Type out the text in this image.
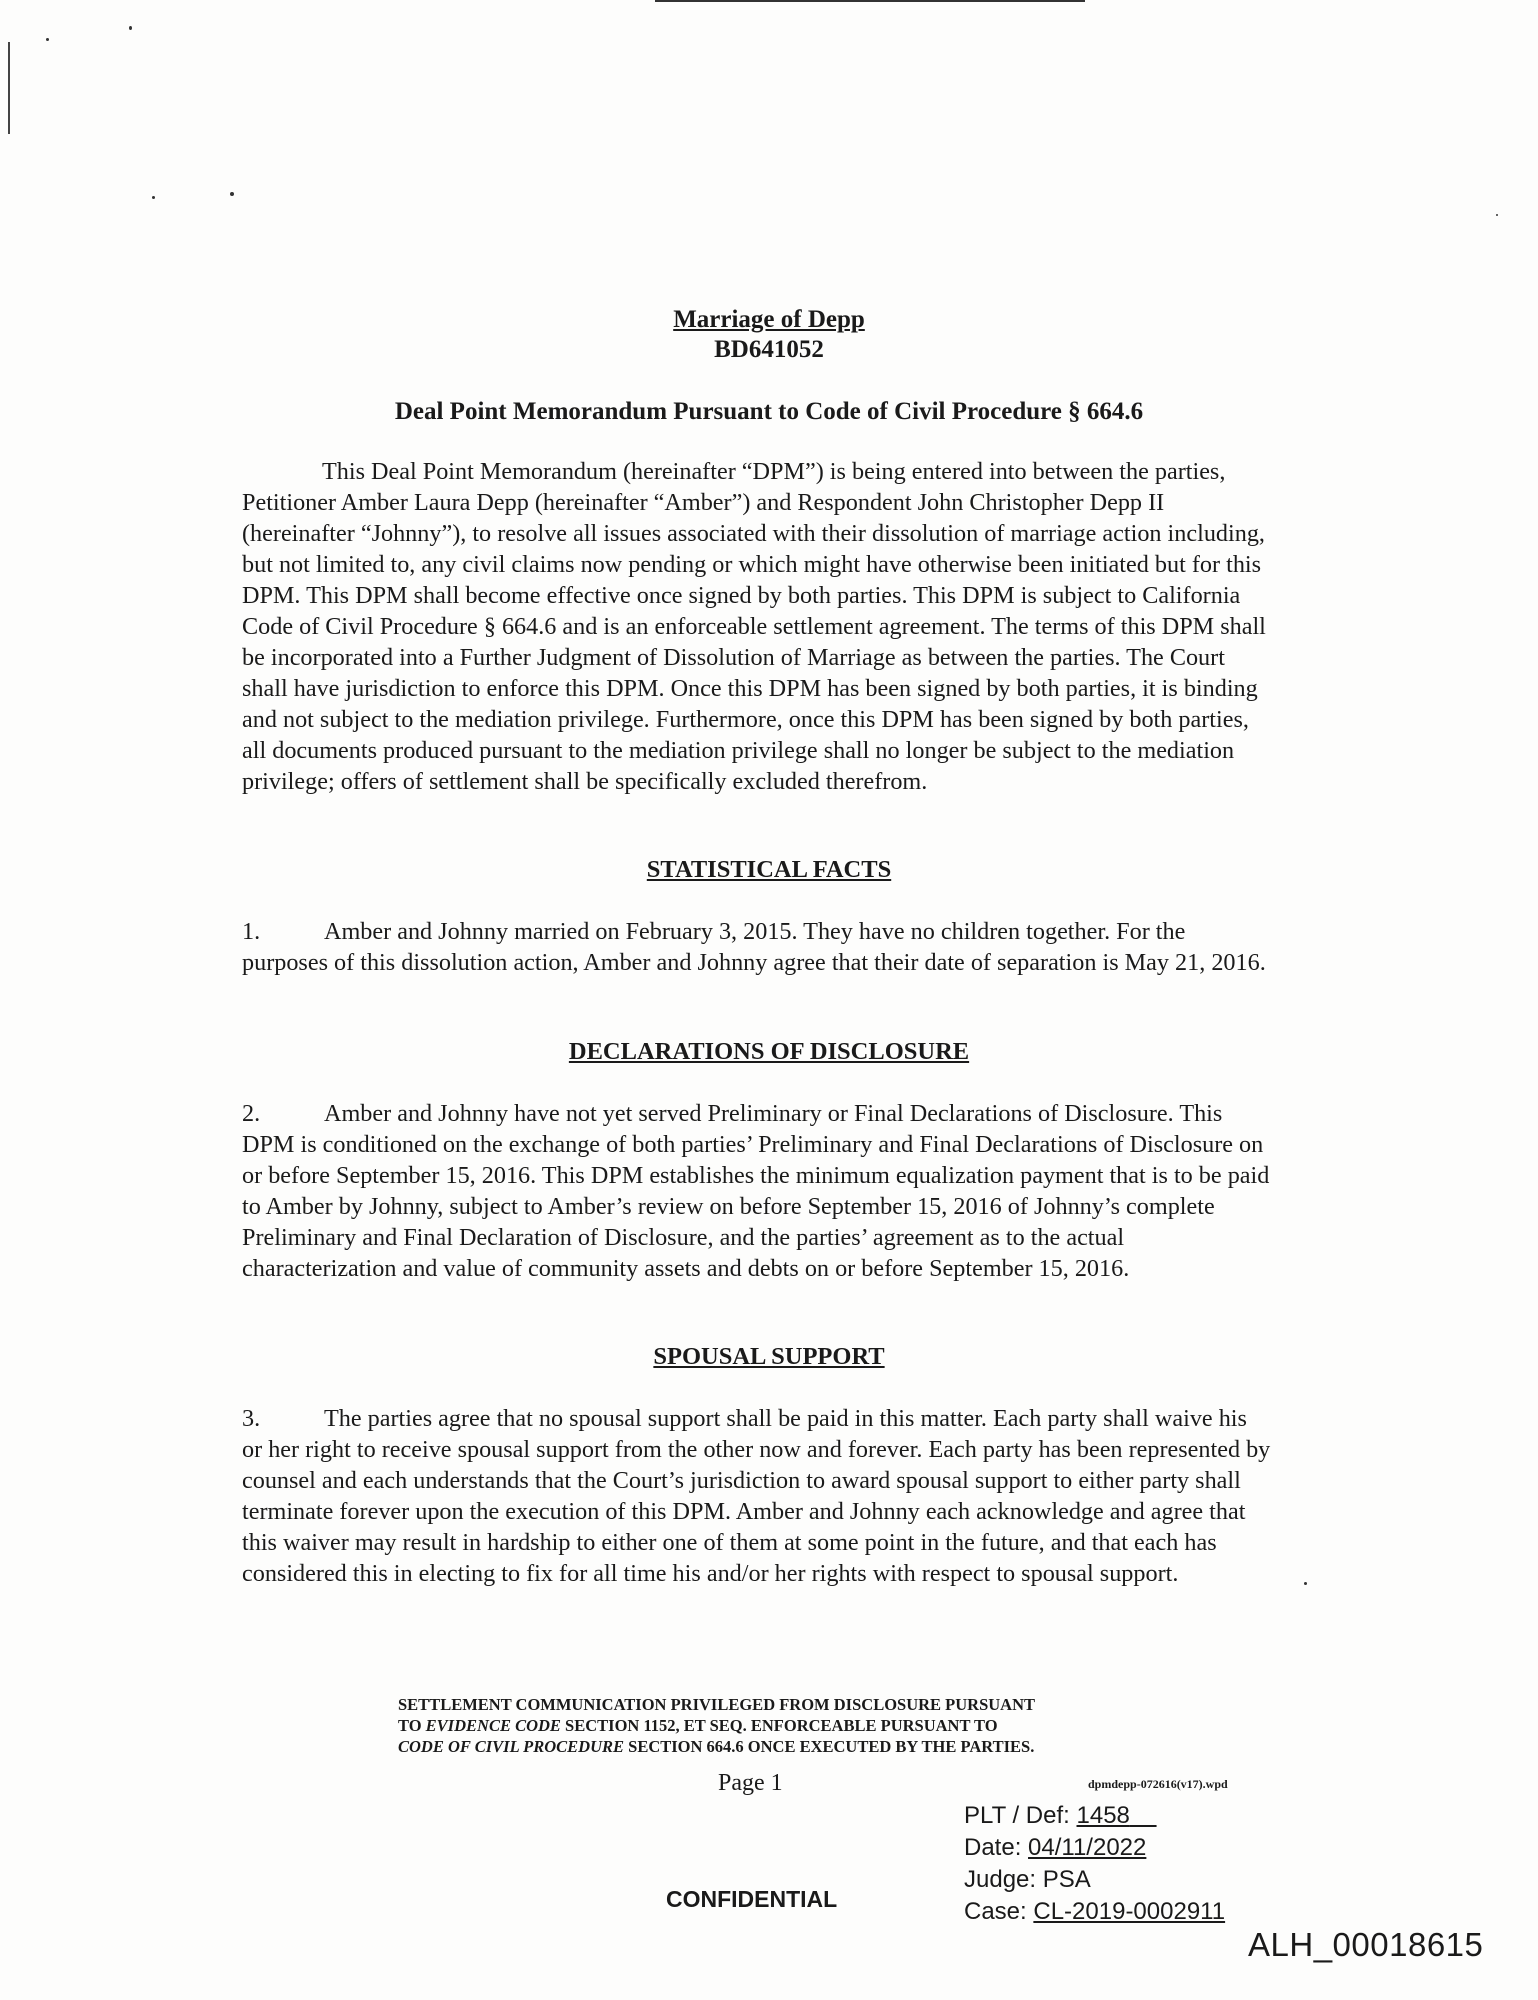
Marriage of Depp
BD641052
Deal Point Memorandum Pursuant to Code of Civil Procedure § 664.6

This Deal Point Memorandum (hereinafter “DPM”) is being entered into between the parties, Petitioner Amber Laura Depp (hereinafter “Amber”) and Respondent John Christopher Depp II (hereinafter “Johnny”), to resolve all issues associated with their dissolution of marriage action including, but not limited to, any civil claims now pending or which might have otherwise been initiated but for this DPM. This DPM shall become effective once signed by both parties. This DPM is subject to California Code of Civil Procedure § 664.6 and is an enforceable settlement agreement. The terms of this DPM shall be incorporated into a Further Judgment of Dissolution of Marriage as between the parties. The Court shall have jurisdiction to enforce this DPM. Once this DPM has been signed by both parties, it is binding and not subject to the mediation privilege. Furthermore, once this DPM has been signed by both parties, all documents produced pursuant to the mediation privilege shall no longer be subject to the mediation privilege; offers of settlement shall be specifically excluded therefrom.

STATISTICAL FACTS
1.	Amber and Johnny married on February 3, 2015. They have no children together. For the purposes of this dissolution action, Amber and Johnny agree that their date of separation is May 21, 2016.
DECLARATIONS OF DISCLOSURE
2.	Amber and Johnny have not yet served Preliminary or Final Declarations of Disclosure. This DPM is conditioned on the exchange of both parties’ Preliminary and Final Declarations of Disclosure on or before September 15, 2016. This DPM establishes the minimum equalization payment that is to be paid to Amber by Johnny, subject to Amber’s review on before September 15, 2016 of Johnny’s complete Preliminary and Final Declaration of Disclosure, and the parties’ agreement as to the actual characterization and value of community assets and debts on or before September 15, 2016.
SPOUSAL SUPPORT
3.	The parties agree that no spousal support shall be paid in this matter. Each party shall waive his or her right to receive spousal support from the other now and forever. Each party has been represented by counsel and each understands that the Court’s jurisdiction to award spousal support to either party shall terminate forever upon the execution of this DPM. Amber and Johnny each acknowledge and agree that this waiver may result in hardship to either one of them at some point in the future, and that each has considered this in electing to fix for all time his and/or her rights with respect to spousal support.
SETTLEMENT COMMUNICATION PRIVILEGED FROM DISCLOSURE PURSUANT
TO EVIDENCE CODE SECTION 1152, ET SEQ. ENFORCEABLE PURSUANT TO
CODE OF CIVIL PROCEDURE SECTION 664.6 ONCE EXECUTED BY THE PARTIES.
Page 1	dpmdepp-072616(v17).wpd
PLT / Def: 1458
Date: 04/11/2022
Judge: PSA
Case: CL-2019-0002911
CONFIDENTIAL
ALH_00018615
